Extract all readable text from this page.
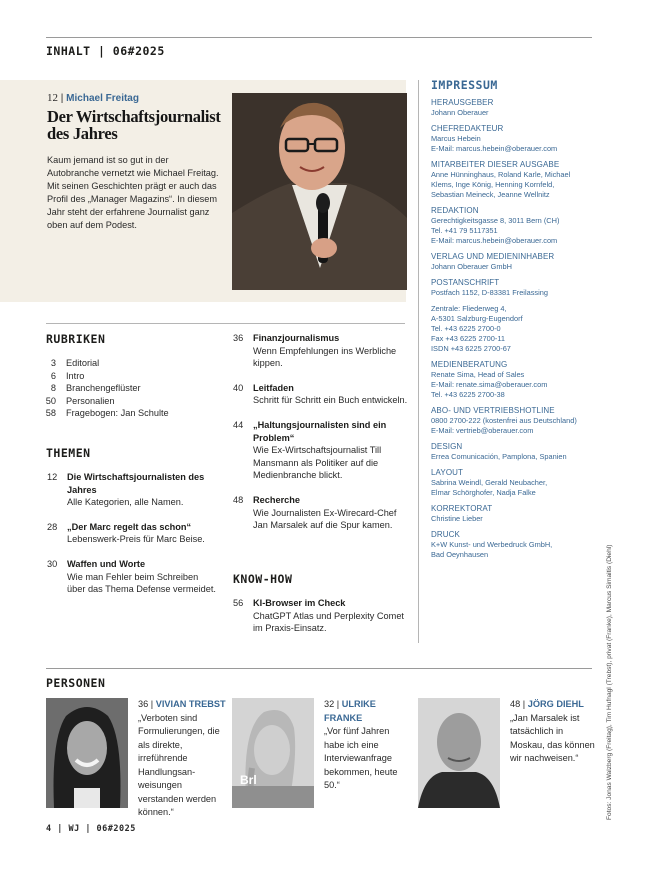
INHALT | 06#2025
12 | Michael Freitag
Der Wirtschaftsjournalist des Jahres
Kaum jemand ist so gut in der Autobranche vernetzt wie Michael Freitag. Mit seinen Geschichten prägt er auch das Profil des „Manager Magazins“. In diesem Jahr steht der erfahrene Journalist ganz oben auf dem Podest.
IMPRESSUM
HERAUSGEBER
Johann Oberauer
CHEFREDAKTEUR
Marcus Hebein
E-Mail: marcus.hebein@oberauer.com
MITARBEITER DIESER AUSGABE
Anne Hünninghaus, Roland Karle, Michael
Klems, Inge König, Henning Kornfeld,
Sebastian Meineck, Jeanne Wellnitz
REDAKTION
Gerechtigkeitsgasse 8, 3011 Bern (CH)
Tel. +41 79 5117351
E-Mail: marcus.hebein@oberauer.com
VERLAG UND MEDIENINHABER
Johann Oberauer GmbH
POSTANSCHRIFT
Postfach 1152, D-83381 Freilassing
Zentrale: Fliederweg 4,
A-5301 Salzburg-Eugendorf
Tel. +43 6225 2700-0
Fax +43 6225 2700-11
ISDN +43 6225 2700-67
MEDIENBERATUNG
Renate Sima, Head of Sales
E-Mail: renate.sima@oberauer.com
Tel. +43 6225 2700-38
ABO- UND VERTRIEBSHOTLINE
0800 2700-222 (kostenfrei aus Deutschland)
E-Mail: vertrieb@oberauer.com
DESIGN
Errea Comunicación, Pamplona, Spanien
LAYOUT
Sabrina Weindl, Gerald Neubacher,
Elmar Schörghofer, Nadja Falke
KORREKTORAT
Christine Lieber
DRUCK
K+W Kunst- und Werbedruck GmbH,
Bad Oeynhausen
RUBRIKEN
3	Editorial
6	Intro
8	Branchengeflüster
50	Personalien
58	Fragebogen: Jan Schulte
THEMEN
12	Die Wirtschaftsjournalisten des Jahres
Alle Kategorien, alle Namen.
28	„Der Marc regelt das schon“
Lebenswerk-Preis für Marc Beise.
30	Waffen und Worte
Wie man Fehler beim Schreiben über das Thema Defense vermeidet.
36	Finanzjournalismus
Wenn Empfehlungen ins Werbliche kippen.
40	Leitfaden
Schritt für Schritt ein Buch entwickeln.
44	„Haltungsjournalisten sind ein Problem“
Wie Ex-Wirtschaftsjournalist Till Mansmann als Politiker auf die Medienbranche blickt.
48	Recherche
Wie Journalisten Ex-Wirecard-Chef Jan Marsalek auf die Spur kamen.
KNOW-HOW
56	KI-Browser im Check
ChatGPT Atlas und Perplexity Comet im Praxis-Einsatz.
PERSONEN
36 | VIVIAN TREBST
„Verboten sind Formulierungen, die als direkte, irreführende Handlungsan-weisungen verstanden werden können.“
Brl
32 | ULRIKE FRANKE
„Vor fünf Jahren habe ich eine Interviewanfrage bekommen, heute 50.“
48 | JÖRG DIEHL
„Jan Marsalek ist tatsächlich in Moskau, das können wir nachweisen.“	Fotos: Jonas Walzberg (Freitag), Tim Hufnagl (Trebst), privat (Franke), Marcus Simaitis (Diehl)
4 | WJ | 06#2025
